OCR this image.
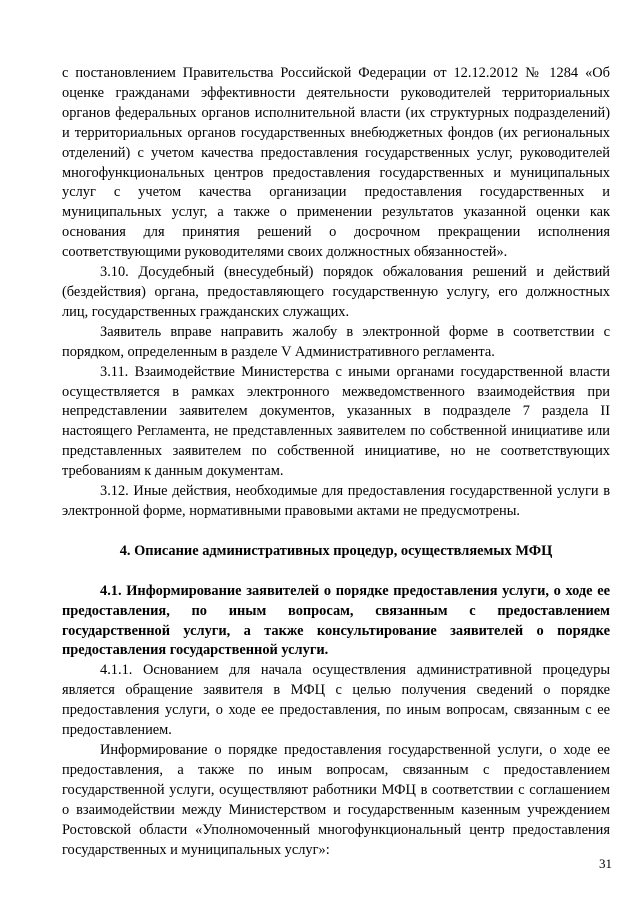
с постановлением Правительства Российской Федерации от 12.12.2012 № 1284 «Об оценке гражданами эффективности деятельности руководителей территориальных органов федеральных органов исполнительной власти (их структурных подразделений) и территориальных органов государственных внебюджетных фондов (их региональных отделений) с учетом качества предоставления государственных услуг, руководителей многофункциональных центров предоставления государственных и муниципальных услуг с учетом качества организации предоставления государственных и муниципальных услуг, а также о применении результатов указанной оценки как основания для принятия решений о досрочном прекращении исполнения соответствующими руководителями своих должностных обязанностей».

3.10. Досудебный (внесудебный) порядок обжалования решений и действий (бездействия) органа, предоставляющего государственную услугу, его должностных лиц, государственных гражданских служащих.

Заявитель вправе направить жалобу в электронной форме в соответствии с порядком, определенным в разделе V Административного регламента.

3.11. Взаимодействие Министерства с иными органами государственной власти осуществляется в рамках электронного межведомственного взаимодействия при непредставлении заявителем документов, указанных в подразделе 7 раздела II настоящего Регламента, не представленных заявителем по собственной инициативе или представленных заявителем по собственной инициативе, но не соответствующих требованиям к данным документам.

3.12. Иные действия, необходимые для предоставления государственной услуги в электронной форме, нормативными правовыми актами не предусмотрены.

4. Описание административных процедур, осуществляемых МФЦ

4.1. Информирование заявителей о порядке предоставления услуги, о ходе ее предоставления, по иным вопросам, связанным с предоставлением государственной услуги, а также консультирование заявителей о порядке предоставления государственной услуги.

4.1.1. Основанием для начала осуществления административной процедуры является обращение заявителя в МФЦ с целью получения сведений о порядке предоставления услуги, о ходе ее предоставления, по иным вопросам, связанным с ее предоставлением.

Информирование о порядке предоставления государственной услуги, о ходе ее предоставления, а также по иным вопросам, связанным с предоставлением государственной услуги, осуществляют работники МФЦ в соответствии с соглашением о взаимодействии между Министерством и государственным казенным учреждением Ростовской области «Уполномоченный многофункциональный центр предоставления государственных и муниципальных услуг»:

31
